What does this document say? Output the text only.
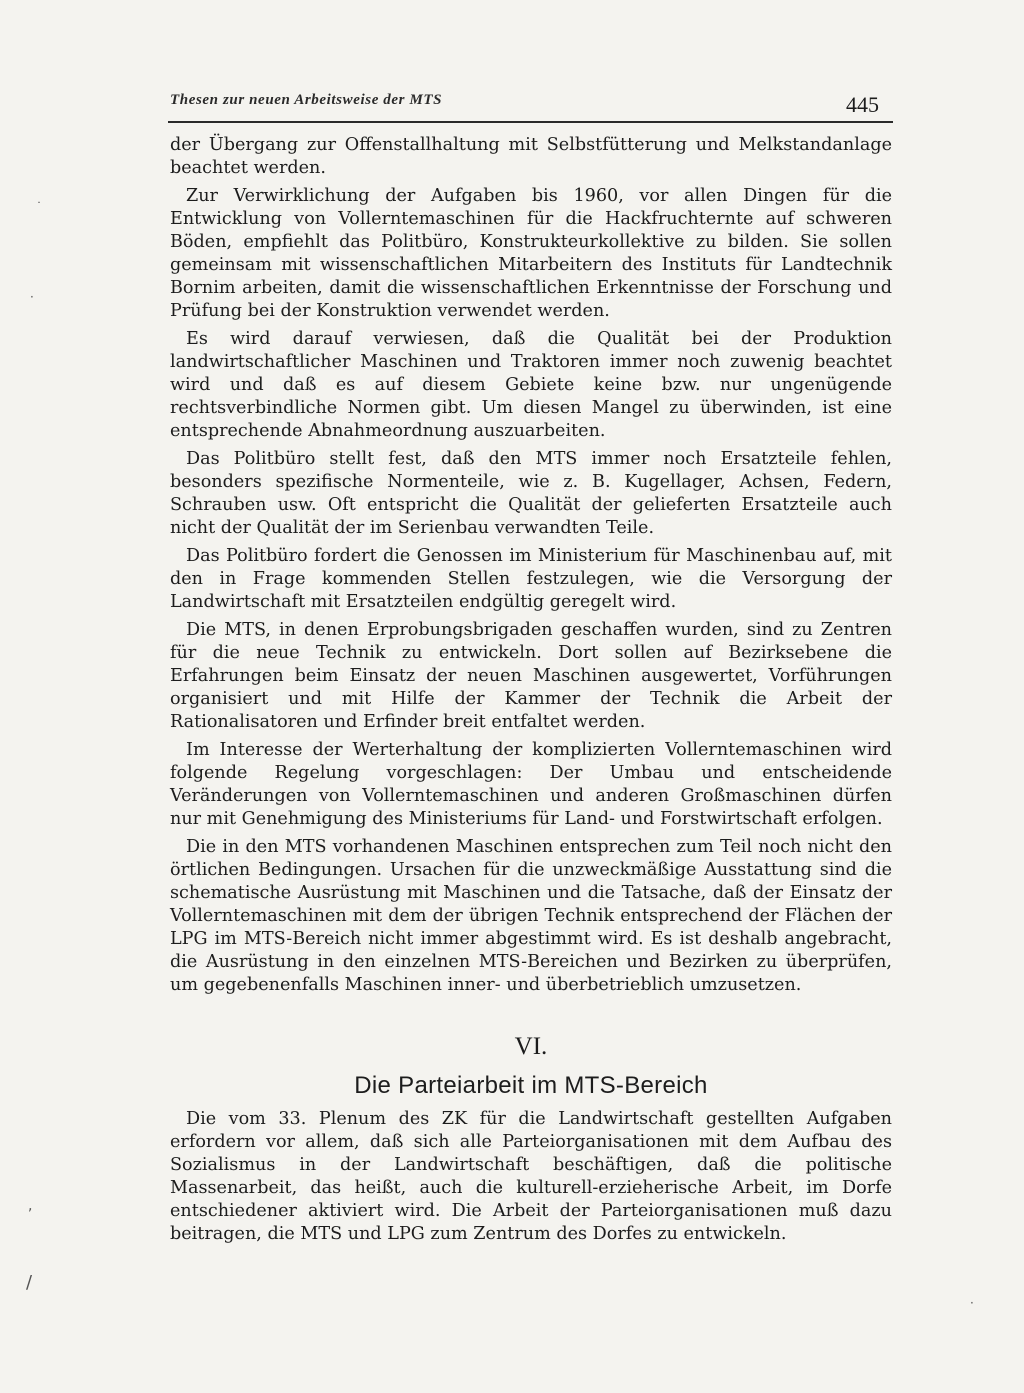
Thesen zur neuen Arbeitsweise der MTS	445

der Übergang zur Offenstallhaltung mit Selbstfütterung und Melkstandanlage beachtet werden.

Zur Verwirklichung der Aufgaben bis 1960, vor allen Dingen für die Entwicklung von Vollerntemaschinen für die Hackfruchternte auf schweren Böden, empfiehlt das Politbüro, Konstrukteurkollektive zu bilden. Sie sollen gemeinsam mit wissenschaftlichen Mitarbeitern des Instituts für Landtechnik Bornim arbeiten, damit die wissenschaftlichen Erkenntnisse der Forschung und Prüfung bei der Konstruktion verwendet werden.

Es wird darauf verwiesen, daß die Qualität bei der Produktion landwirtschaftlicher Maschinen und Traktoren immer noch zuwenig beachtet wird und daß es auf diesem Gebiete keine bzw. nur ungenügende rechtsverbindliche Normen gibt. Um diesen Mangel zu überwinden, ist eine entsprechende Abnahmeordnung auszuarbeiten.

Das Politbüro stellt fest, daß den MTS immer noch Ersatzteile fehlen, besonders spezifische Normenteile, wie z. B. Kugellager, Achsen, Federn, Schrauben usw. Oft entspricht die Qualität der gelieferten Ersatzteile auch nicht der Qualität der im Serienbau verwandten Teile.

Das Politbüro fordert die Genossen im Ministerium für Maschinenbau auf, mit den in Frage kommenden Stellen festzulegen, wie die Versorgung der Landwirtschaft mit Ersatzteilen endgültig geregelt wird.

Die MTS, in denen Erprobungsbrigaden geschaffen wurden, sind zu Zentren für die neue Technik zu entwickeln. Dort sollen auf Bezirksebene die Erfahrungen beim Einsatz der neuen Maschinen ausgewertet, Vorführungen organisiert und mit Hilfe der Kammer der Technik die Arbeit der Rationalisatoren und Erfinder breit entfaltet werden.

Im Interesse der Werterhaltung der komplizierten Vollerntemaschinen wird folgende Regelung vorgeschlagen: Der Umbau und entscheidende Veränderungen von Vollerntemaschinen und anderen Großmaschinen dürfen nur mit Genehmigung des Ministeriums für Land- und Forstwirtschaft erfolgen.

Die in den MTS vorhandenen Maschinen entsprechen zum Teil noch nicht den örtlichen Bedingungen. Ursachen für die unzweckmäßige Ausstattung sind die schematische Ausrüstung mit Maschinen und die Tatsache, daß der Einsatz der Vollerntemaschinen mit dem der übrigen Technik entsprechend der Flächen der LPG im MTS-Bereich nicht immer abgestimmt wird. Es ist deshalb angebracht, die Ausrüstung in den einzelnen MTS-Bereichen und Bezirken zu überprüfen, um gegebenenfalls Maschinen inner- und überbetrieblich umzusetzen.

VI.
Die Parteiarbeit im MTS-Bereich

Die vom 33. Plenum des ZK für die Landwirtschaft gestellten Aufgaben erfordern vor allem, daß sich alle Parteiorganisationen mit dem Aufbau des Sozialismus in der Landwirtschaft beschäftigen, daß die politische Massenarbeit, das heißt, auch die kulturell-erzieherische Arbeit, im Dorfe entschiedener aktiviert wird. Die Arbeit der Parteiorganisationen muß dazu beitragen, die MTS und LPG zum Zentrum des Dorfes zu entwickeln.

˙
·
,
/
·
